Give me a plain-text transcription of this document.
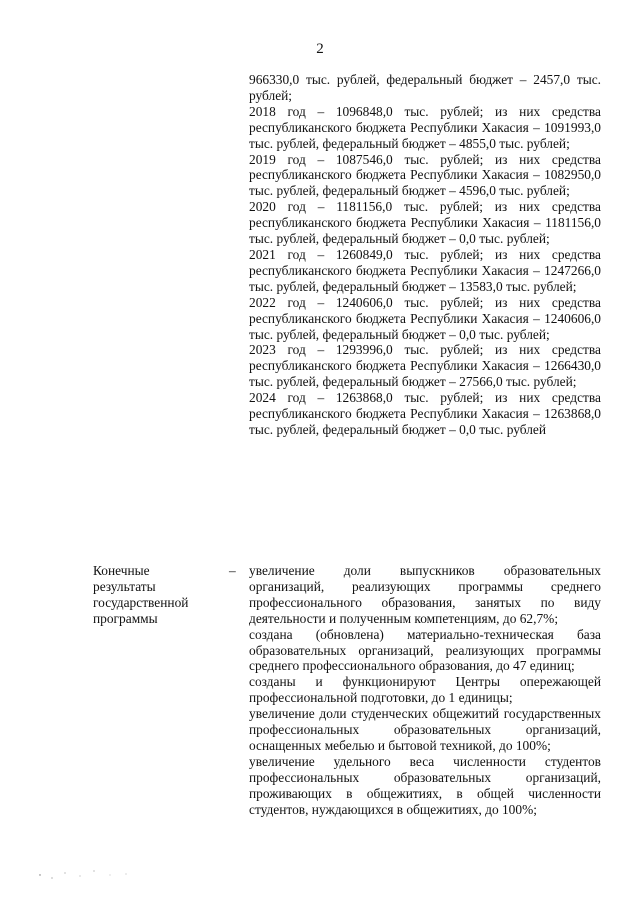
2

966330,0 тыс. рублей, федеральный бюджет – 2457,0 тыс. рублей;

2018 год – 1096848,0 тыс. рублей; из них средства республиканского бюджета Республики Хакасия – 1091993,0 тыс. рублей, федеральный бюджет – 4855,0 тыс. рублей;

2019 год – 1087546,0 тыс. рублей; из них средства республиканского бюджета Республики Хакасия – 1082950,0 тыс. рублей, федеральный бюджет – 4596,0 тыс. рублей;

2020 год – 1181156,0 тыс. рублей; из них средства республиканского бюджета Республики Хакасия – 1181156,0 тыс. рублей, федеральный бюджет – 0,0 тыс. рублей;

2021 год – 1260849,0 тыс. рублей; из них средства республиканского бюджета Республики Хакасия – 1247266,0 тыс. рублей, федеральный бюджет – 13583,0 тыс. рублей;

2022 год – 1240606,0 тыс. рублей; из них средства республиканского бюджета Республики Хакасия – 1240606,0 тыс. рублей, федеральный бюджет – 0,0 тыс. рублей;

2023 год – 1293996,0 тыс. рублей; из них средства республиканского бюджета Республики Хакасия – 1266430,0 тыс. рублей, федеральный бюджет – 27566,0 тыс. рублей;

2024 год – 1263868,0 тыс. рублей; из них средства республиканского бюджета Республики Хакасия – 1263868,0 тыс. рублей, федеральный бюджет – 0,0 тыс. рублей

увеличение доли выпускников образовательных организаций, реализующих программы среднего профессионального образования, занятых по виду деятельности и полученным компетенциям, до 62,7%;

создана (обновлена) материально-техническая база образовательных организаций, реализующих программы среднего профессионального образования, до 47 единиц;

созданы и функционируют Центры опережающей профессиональной подготовки, до 1 единицы;

увеличение доли студенческих общежитий государственных профессиональных образовательных организаций, оснащенных мебелью и бытовой техникой, до 100%;

увеличение удельного веса численности студентов профессиональных образовательных организаций, проживающих в общежитиях, в общей численности студентов, нуждающихся в общежитиях, до 100%;

Конечные результаты государственной программы
–
